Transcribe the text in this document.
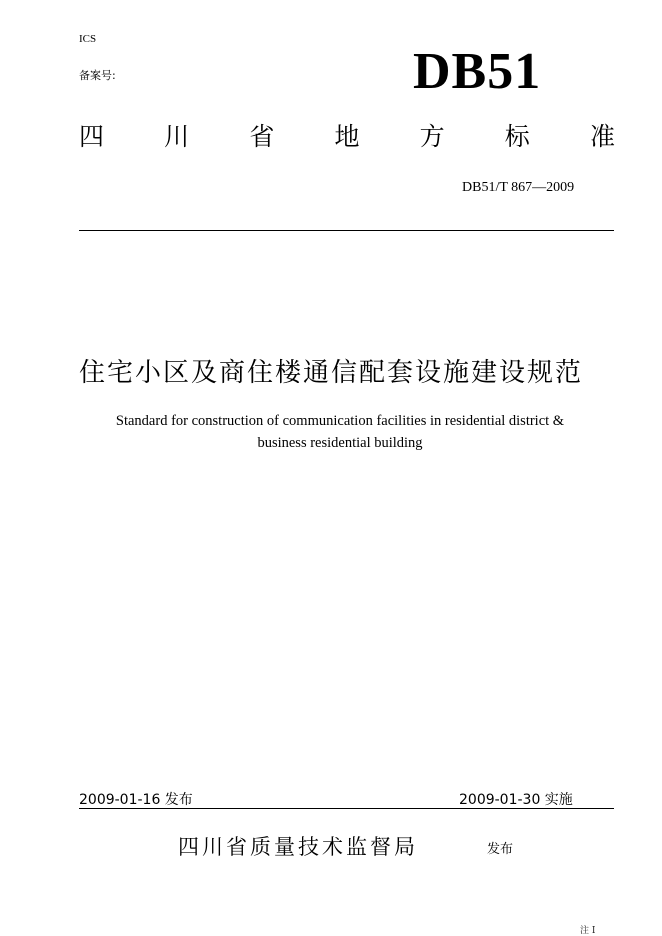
ICS
备案号:	DB51
四 川 省 地 方 标 准
DB51/T 867—2009
住宅小区及商住楼通信配套设施建设规范
Standard for construction of communication facilities in residential district & business residential building
2009-01-16 发布	2009-01-30 实施
四川省质量技术监督局	发布
注 I
